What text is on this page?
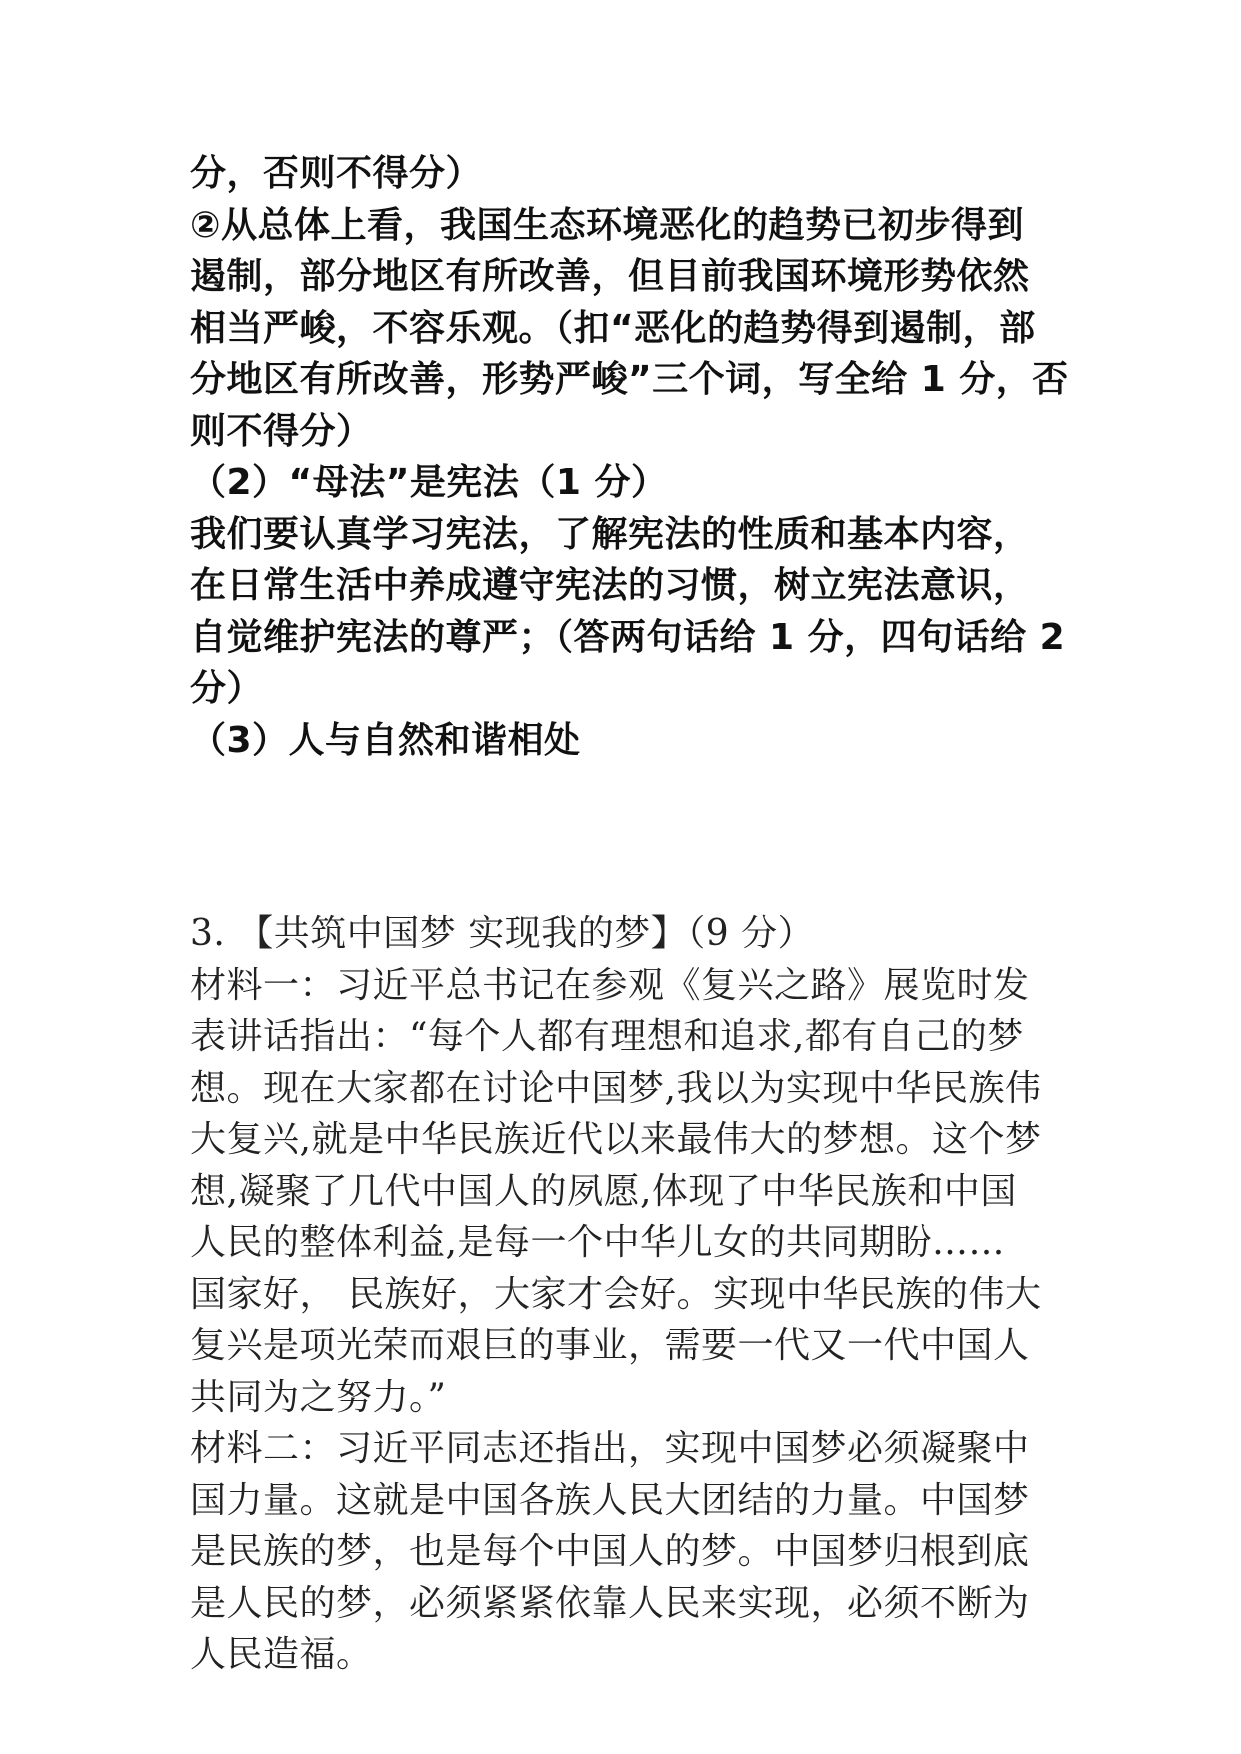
分，否则不得分）
②从总体上看，我国生态环境恶化的趋势已初步得到
遏制，部分地区有所改善，但目前我国环境形势依然
相当严峻，不容乐观。（扣“恶化的趋势得到遏制，部
分地区有所改善，形势严峻”三个词，写全给 1 分，否
则不得分）
（2）“母法”是宪法（1 分）
我们要认真学习宪法，了解宪法的性质和基本内容，
在日常生活中养成遵守宪法的习惯，树立宪法意识，
自觉维护宪法的尊严；（答两句话给 1 分，四句话给 2
分）
（3）人与自然和谐相处
3. 【共筑中国梦 实现我的梦】（9 分）
材料一：习近平总书记在参观《复兴之路》展览时发
表讲话指出：“每个人都有理想和追求,都有自己的梦
想。现在大家都在讨论中国梦,我以为实现中华民族伟
大复兴,就是中华民族近代以来最伟大的梦想。这个梦
想,凝聚了几代中国人的夙愿,体现了中华民族和中国
人民的整体利益,是每一个中华儿女的共同期盼……
国家好， 民族好，大家才会好。实现中华民族的伟大
复兴是项光荣而艰巨的事业，需要一代又一代中国人
共同为之努力。”
材料二：习近平同志还指出，实现中国梦必须凝聚中
国力量。这就是中国各族人民大团结的力量。中国梦
是民族的梦，也是每个中国人的梦。中国梦归根到底
是人民的梦，必须紧紧依靠人民来实现，必须不断为
人民造福。
